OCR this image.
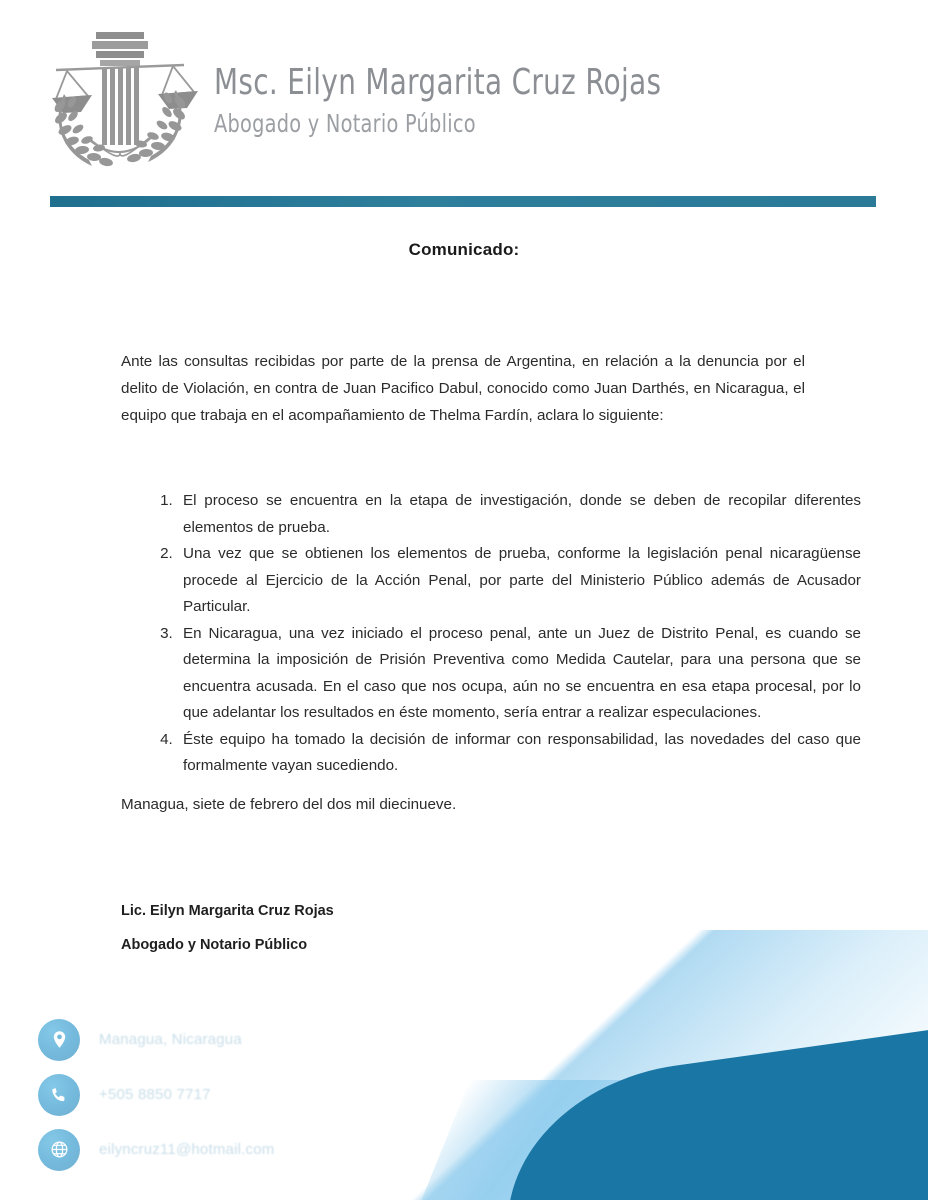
Msc. Eilyn Margarita Cruz Rojas
Abogado y Notario Público
Comunicado:
Ante las consultas recibidas por parte de la prensa de Argentina, en relación a la denuncia por el delito de Violación, en contra de Juan Pacifico Dabul, conocido como Juan Darthés, en Nicaragua, el equipo que trabaja en el acompañamiento de Thelma Fardín, aclara lo siguiente:
1. El proceso se encuentra en la etapa de investigación, donde se deben de recopilar diferentes elementos de prueba.
2. Una vez que se obtienen los elementos de prueba, conforme la legislación penal nicaragüense procede al Ejercicio de la Acción Penal, por parte del Ministerio Público además de Acusador Particular.
3. En Nicaragua, una vez iniciado el proceso penal, ante un Juez de Distrito Penal, es cuando se determina la imposición de Prisión Preventiva como Medida Cautelar, para una persona que se encuentra acusada. En el caso que nos ocupa, aún no se encuentra en esa etapa procesal, por lo que adelantar los resultados en éste momento, sería entrar a realizar especulaciones.
4. Éste equipo ha tomado la decisión de informar con responsabilidad, las novedades del caso que formalmente vayan sucediendo.
Managua, siete de febrero del dos mil diecinueve.
Lic. Eilyn Margarita Cruz Rojas
Abogado y Notario Público
Managua, Nicaragua
+505 8850 7717
eilyncruz11@hotmail.com
